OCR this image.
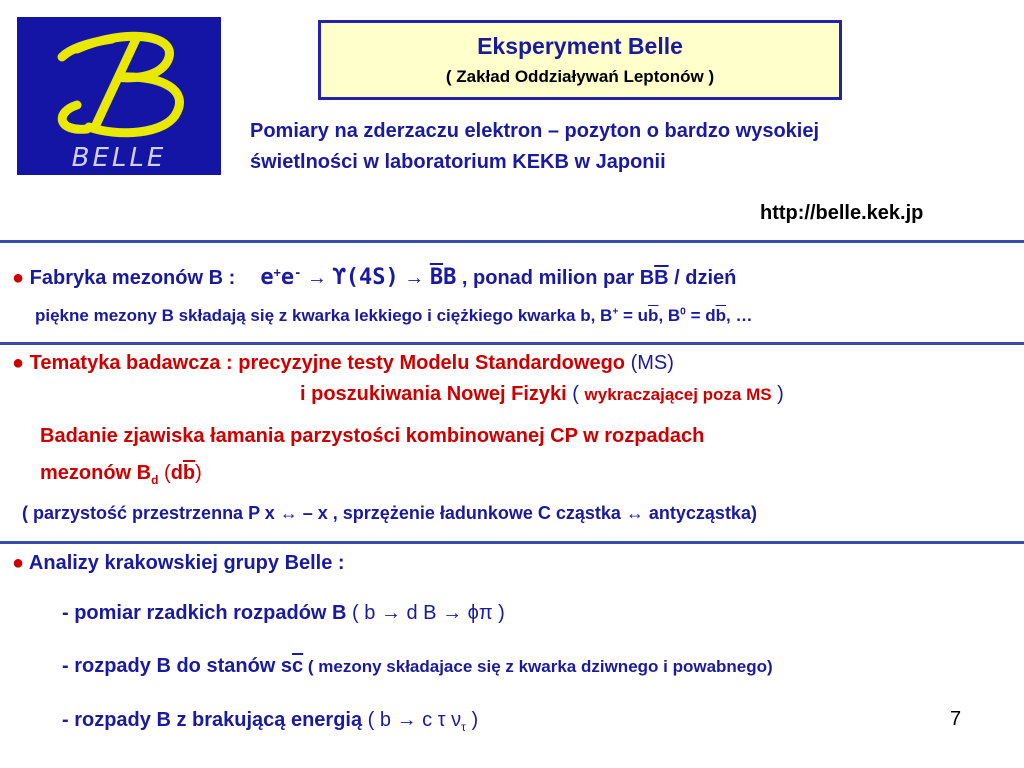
BELLE
Eksperyment Belle
( Zakład Oddziaływań Leptonów )
Pomiary na zderzaczu elektron – pozyton o bardzo wysokiej
świetlności w laboratorium KEKB w Japonii
http://belle.kek.jp
● Fabryka mezonów B : $e^+e^- \to ϒ(4S) \to \overline{B}B$ , ponad milion par $B\overline{B}$ / dzień
piękne mezony B składają się z kwarka lekkiego i ciężkiego kwarka b, $B^+ = u\overline{b}$, $B^0 = d\overline{b}$, …
● Tematyka badawcza : precyzyjne testy Modelu Standardowego (MS)
i poszukiwania Nowej Fizyki ( wykraczającej poza MS )
Badanie zjawiska łamania parzystości kombinowanej CP w rozpadach
mezonów $B_d$ $(d\overline{b})$
( parzystość przestrzenna P x ↔ – x , sprzężenie ładunkowe C cząstka ↔ antycząstka)
● Analizy krakowskiej grupy Belle :
- pomiar rzadkich rozpadów B ( b → d B → ϕπ )
- rozpady B do stanów $s\overline{c}$ ( mezony składajace się z kwarka dziwnego i powabnego)
- rozpady B z brakującą energią ( b → c τ $\nu_\tau$ )	7
